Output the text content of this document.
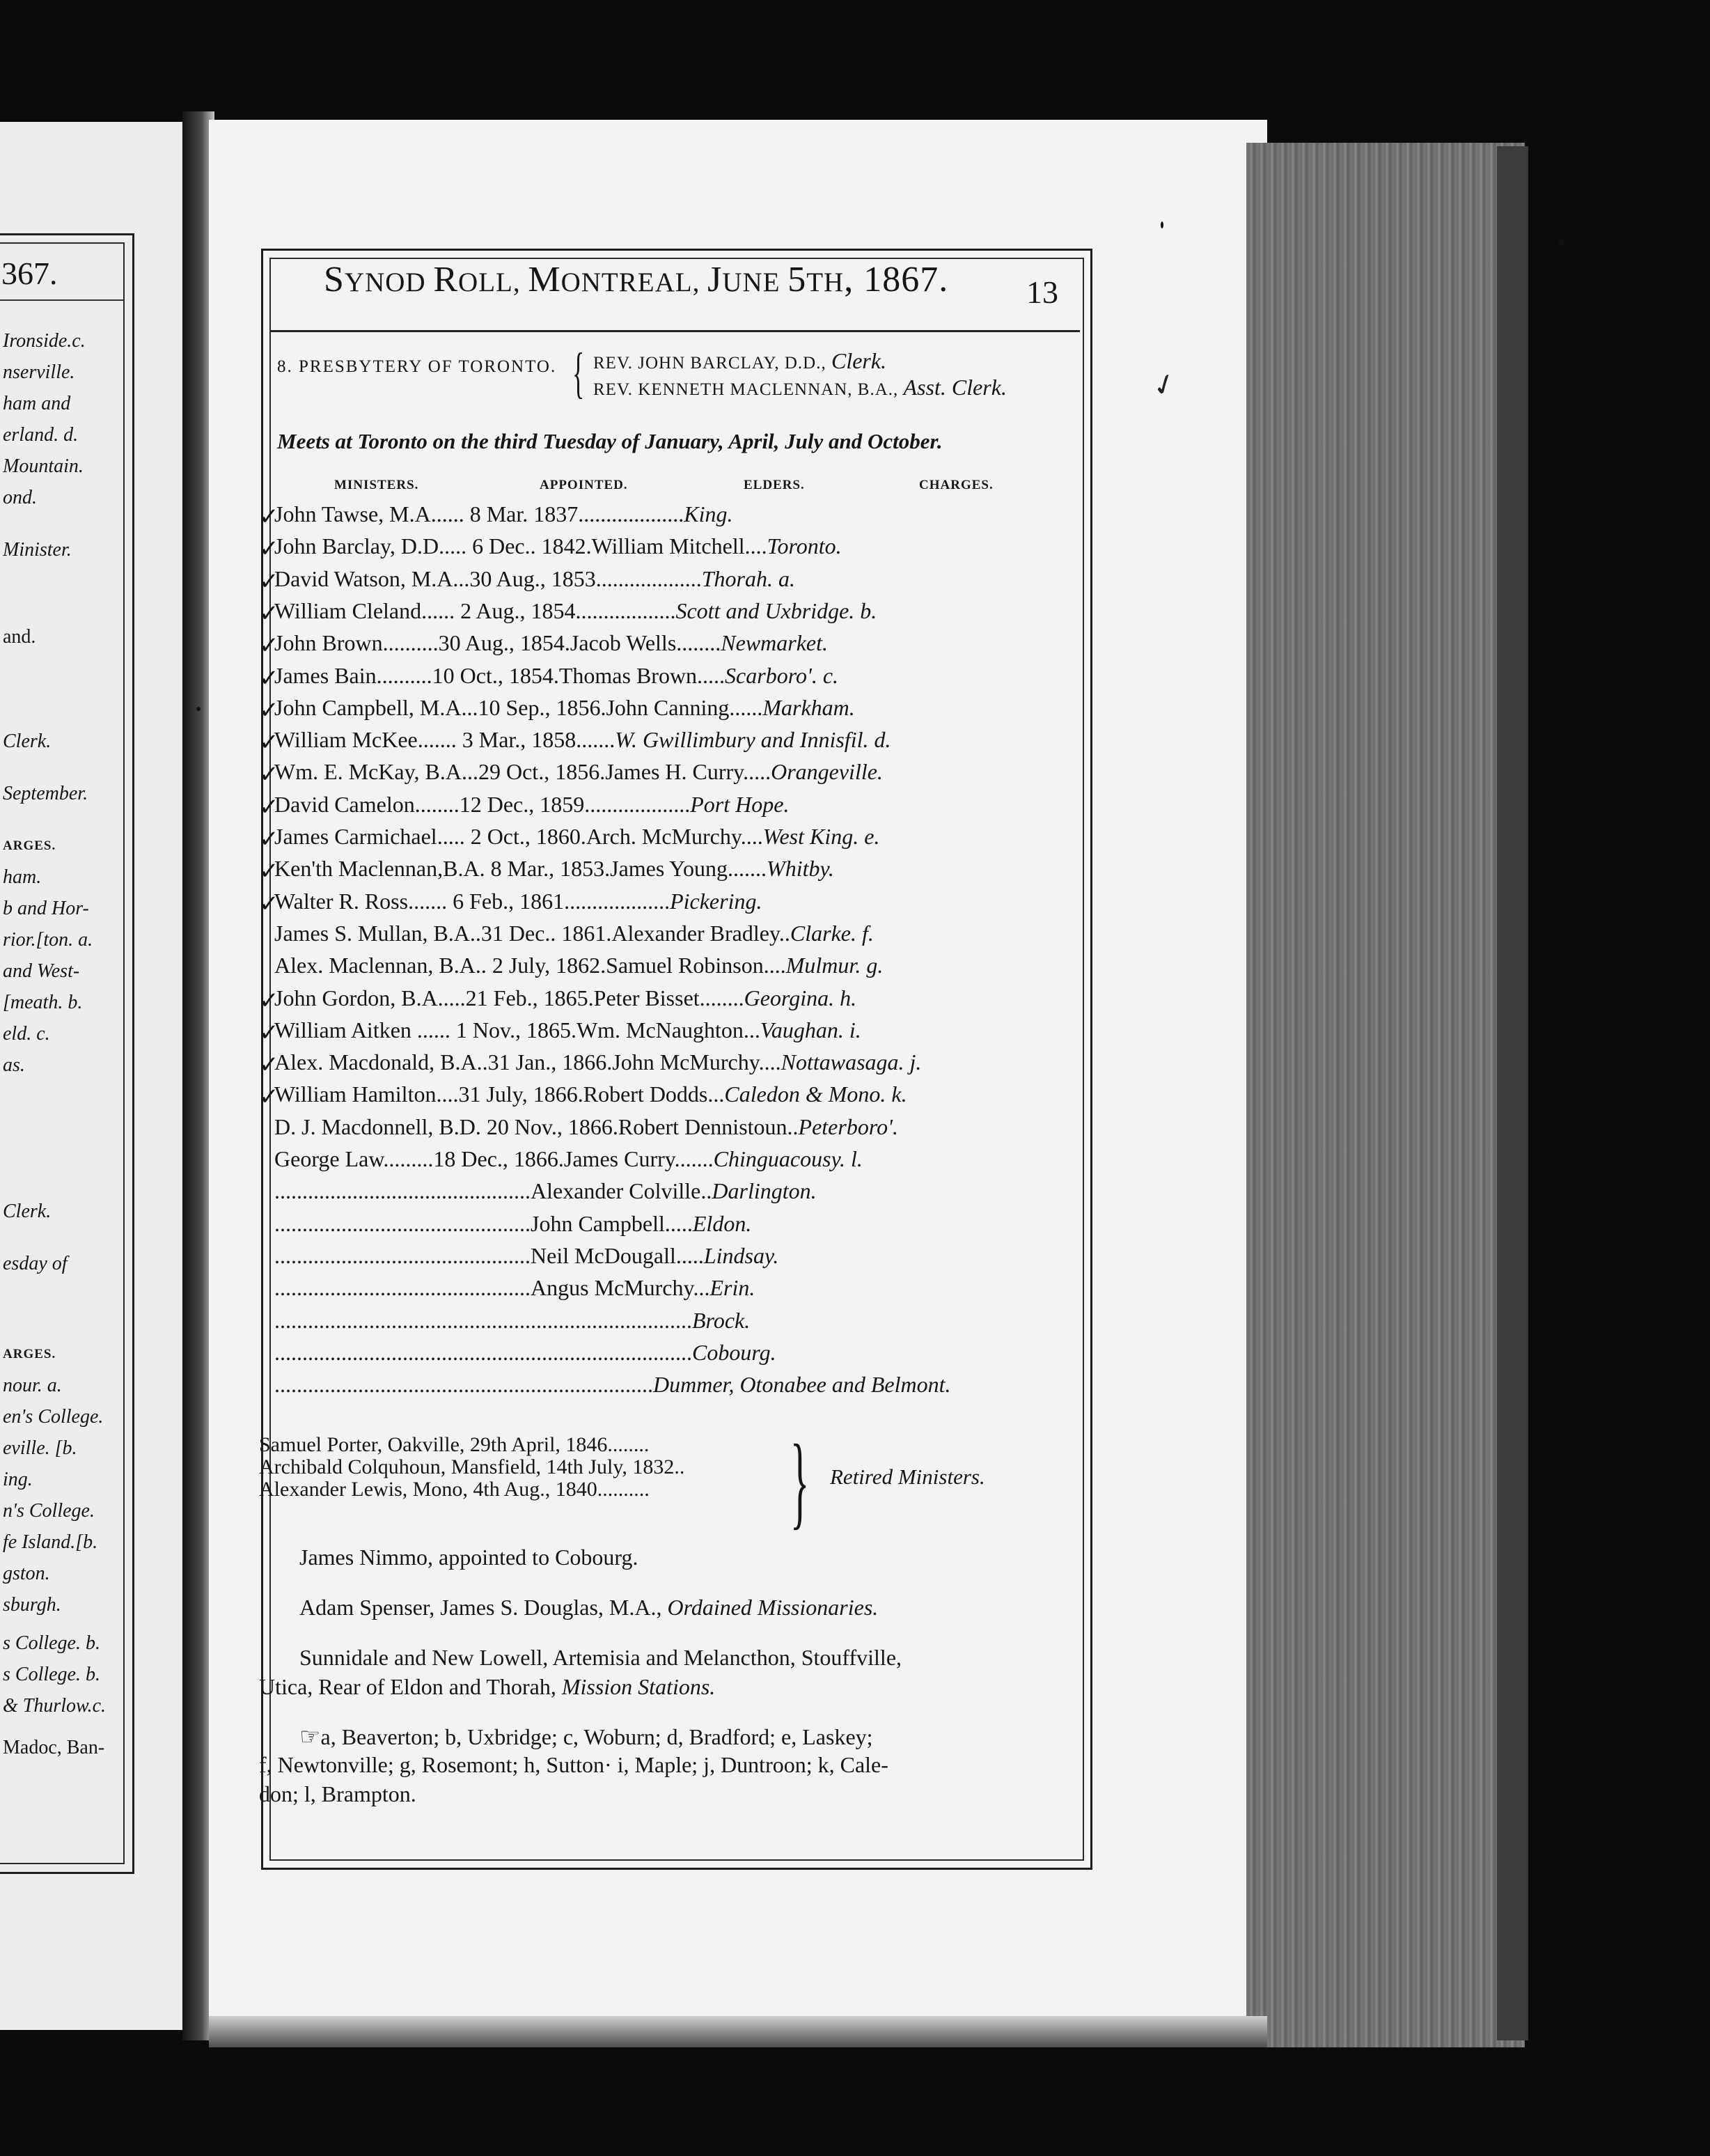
367.
Ironside.c.
nserville.
ham and
erland. d.
Mountain.
ond.
Minister.
and.
Clerk.
September.
ARGES.
ham.
b and Hor-
rior.[ton. a.
and West-
[meath. b.
eld. c.
as.
Clerk.
esday of
ARGES.
nour. a.
en's College.
eville. [b.
ing.
n's College.
fe Island.[b.
gston.
sburgh.
s College. b.
s College. b.
& Thurlow.c.
Madoc, Ban-
SYNOD ROLL, MONTREAL, JUNE 5TH, 1867. 13
8. PRESBYTERY OF TORONTO. { REV. JOHN BARCLAY, D.D., Clerk.
REV. KENNETH MACLENNAN, B.A., Asst. Clerk.
Meets at Toronto on the third Tuesday of January, April, July and October.
MINISTERS.	APPOINTED.	ELDERS.	CHARGES.
✓
John Tawse, M.A...... 8 Mar. 1837...................King.
✓
John Barclay, D.D..... 6 Dec.. 1842.William Mitchell....Toronto.
✓
David Watson, M.A...30 Aug., 1853...................Thorah. a.
✓
William Cleland...... 2 Aug., 1854..................Scott and Uxbridge. b.
✓
John Brown..........30 Aug., 1854.Jacob Wells........Newmarket.
✓
James Bain..........10 Oct., 1854.Thomas Brown.....Scarboro'. c.
✓
John Campbell, M.A...10 Sep., 1856.John Canning......Markham.
✓
William McKee....... 3 Mar., 1858.......W. Gwillimbury and Innisfil. d.
✓
Wm. E. McKay, B.A...29 Oct., 1856.James H. Curry.....Orangeville.
✓
David Camelon........12 Dec., 1859...................Port Hope.
✓
James Carmichael..... 2 Oct., 1860.Arch. McMurchy....West King. e.
✓
Ken'th Maclennan,B.A. 8 Mar., 1853.James Young.......Whitby.
✓
Walter R. Ross....... 6 Feb., 1861...................Pickering.
James S. Mullan, B.A..31 Dec.. 1861.Alexander Bradley..Clarke. f.
Alex. Maclennan, B.A.. 2 July, 1862.Samuel Robinson....Mulmur. g.
✓
John Gordon, B.A.....21 Feb., 1865.Peter Bisset........Georgina. h.
✓
William Aitken ...... 1 Nov., 1865.Wm. McNaughton...Vaughan. i.
✓
Alex. Macdonald, B.A..31 Jan., 1866.John McMurchy....Nottawasaga. j.
✓
William Hamilton....31 July, 1866.Robert Dodds...Caledon & Mono. k.
D. J. Macdonnell, B.D. 20 Nov., 1866.Robert Dennistoun..Peterboro'.
George Law.........18 Dec., 1866.James Curry.......Chinguacousy. l.
..............................................Alexander Colville..Darlington.
..............................................John Campbell.....Eldon.
..............................................Neil McDougall.....Lindsay.
..............................................Angus McMurchy...Erin.
...........................................................................Brock.
...........................................................................Cobourg.
....................................................................Dummer, Otonabee and Belmont.
Samuel Porter, Oakville, 29th April, 1846........
Archibald Colquhoun, Mansfield, 14th July, 1832..
Alexander Lewis, Mono, 4th Aug., 1840.......... } Retired Ministers.
James Nimmo, appointed to Cobourg.
Adam Spenser, James S. Douglas, M.A., Ordained Missionaries.
Sunnidale and New Lowell, Artemisia and Melancthon, Stouffville,
Utica, Rear of Eldon and Thorah, Mission Stations.
☞a, Beaverton; b, Uxbridge; c, Woburn; d, Bradford; e, Laskey;
f, Newtonville; g, Rosemont; h, Sutton· i, Maple; j, Duntroon; k, Cale-
don; l, Brampton.
✓
